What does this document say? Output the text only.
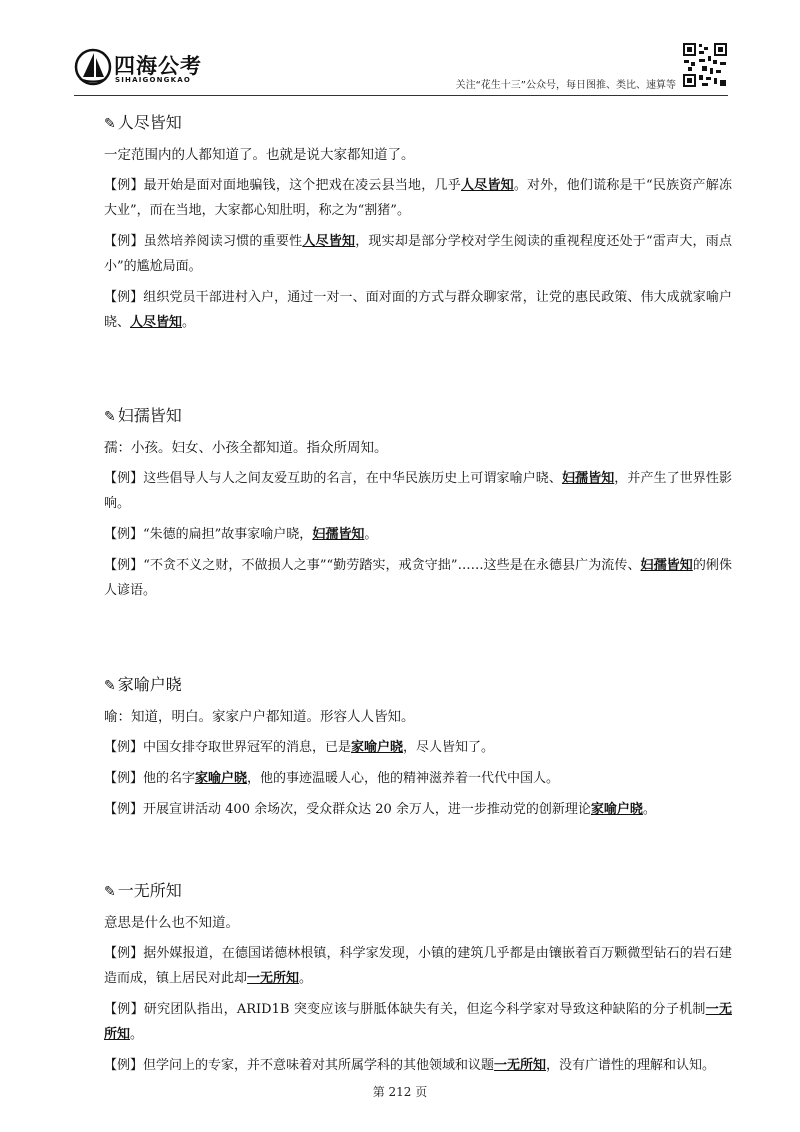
四海公考
SIHAIGONGKAO	关注“花生十三”公众号，每日图推、类比、速算等
✎ 人尽皆知
一定范围内的人都知道了。也就是说大家都知道了。
【例】最开始是面对面地骗钱，这个把戏在凌云县当地，几乎人尽皆知。对外，他们谎称是干“民族资产解冻大业”，而在当地，大家都心知肚明，称之为“割猪”。
【例】虽然培养阅读习惯的重要性人尽皆知，现实却是部分学校对学生阅读的重视程度还处于“雷声大，雨点小”的尴尬局面。
【例】组织党员干部进村入户，通过一对一、面对面的方式与群众聊家常，让党的惠民政策、伟大成就家喻户晓、人尽皆知。
✎ 妇孺皆知
孺：小孩。妇女、小孩全都知道。指众所周知。
【例】这些倡导人与人之间友爱互助的名言，在中华民族历史上可谓家喻户晓、妇孺皆知，并产生了世界性影响。
【例】“朱德的扁担”故事家喻户晓，妇孺皆知。
【例】“不贪不义之财，不做损人之事”“勤劳踏实，戒贪守拙”……这些是在永德县广为流传、妇孺皆知的俐侏人谚语。
✎ 家喻户晓
喻：知道，明白。家家户户都知道。形容人人皆知。
【例】中国女排夺取世界冠军的消息，已是家喻户晓，尽人皆知了。
【例】他的名字家喻户晓，他的事迹温暖人心，他的精神滋养着一代代中国人。
【例】开展宣讲活动 400 余场次，受众群众达 20 余万人，进一步推动党的创新理论家喻户晓。
✎ 一无所知
意思是什么也不知道。
【例】据外媒报道，在德国诺德林根镇，科学家发现，小镇的建筑几乎都是由镶嵌着百万颗微型钻石的岩石建造而成，镇上居民对此却一无所知。
【例】研究团队指出，ARID1B 突变应该与胼胝体缺失有关，但迄今科学家对导致这种缺陷的分子机制一无所知。
【例】但学问上的专家，并不意味着对其所属学科的其他领域和议题一无所知，没有广谱性的理解和认知。
第 212 页
